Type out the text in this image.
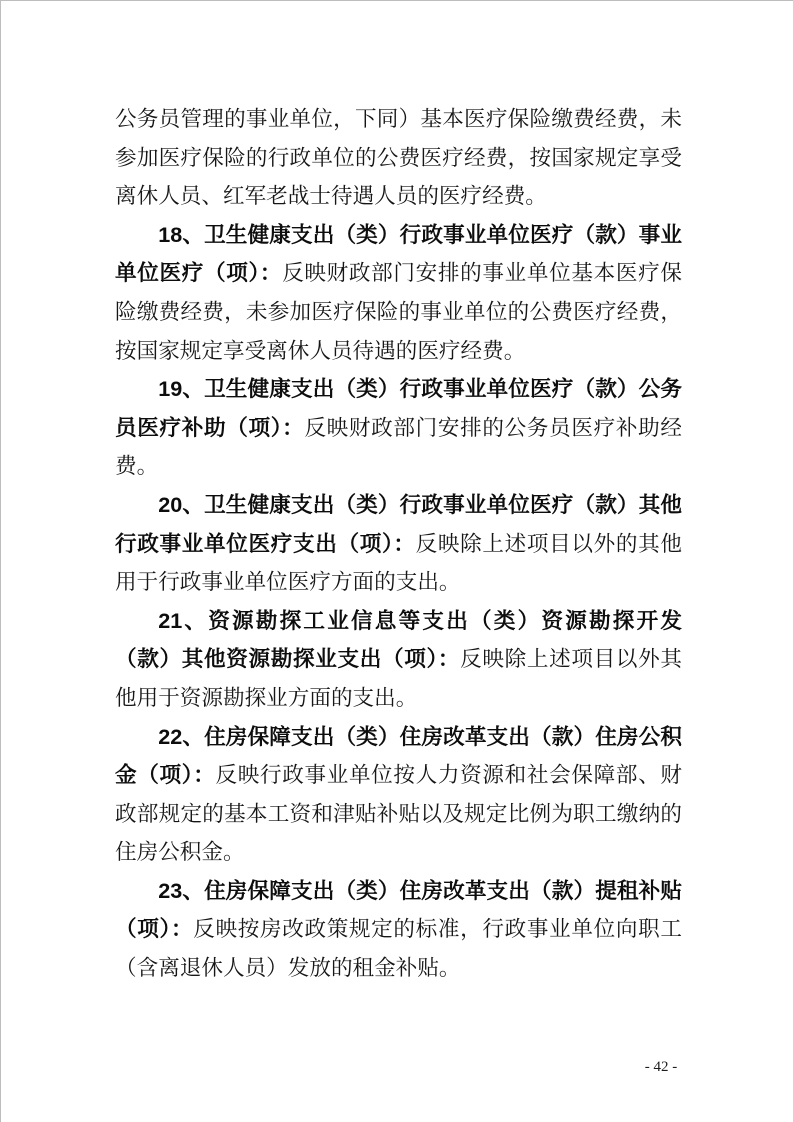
公务员管理的事业单位，下同）基本医疗保险缴费经费，未参加医疗保险的行政单位的公费医疗经费，按国家规定享受离休人员、红军老战士待遇人员的医疗经费。

18、卫生健康支出（类）行政事业单位医疗（款）事业单位医疗（项）：反映财政部门安排的事业单位基本医疗保险缴费经费，未参加医疗保险的事业单位的公费医疗经费，按国家规定享受离休人员待遇的医疗经费。

19、卫生健康支出（类）行政事业单位医疗（款）公务员医疗补助（项）：反映财政部门安排的公务员医疗补助经费。

20、卫生健康支出（类）行政事业单位医疗（款）其他行政事业单位医疗支出（项）：反映除上述项目以外的其他用于行政事业单位医疗方面的支出。

21、资源勘探工业信息等支出（类）资源勘探开发（款）其他资源勘探业支出（项）：反映除上述项目以外其他用于资源勘探业方面的支出。

22、住房保障支出（类）住房改革支出（款）住房公积金（项）：反映行政事业单位按人力资源和社会保障部、财政部规定的基本工资和津贴补贴以及规定比例为职工缴纳的住房公积金。

23、住房保障支出（类）住房改革支出（款）提租补贴（项）：反映按房改政策规定的标准，行政事业单位向职工（含离退休人员）发放的租金补贴。

- 42 -
